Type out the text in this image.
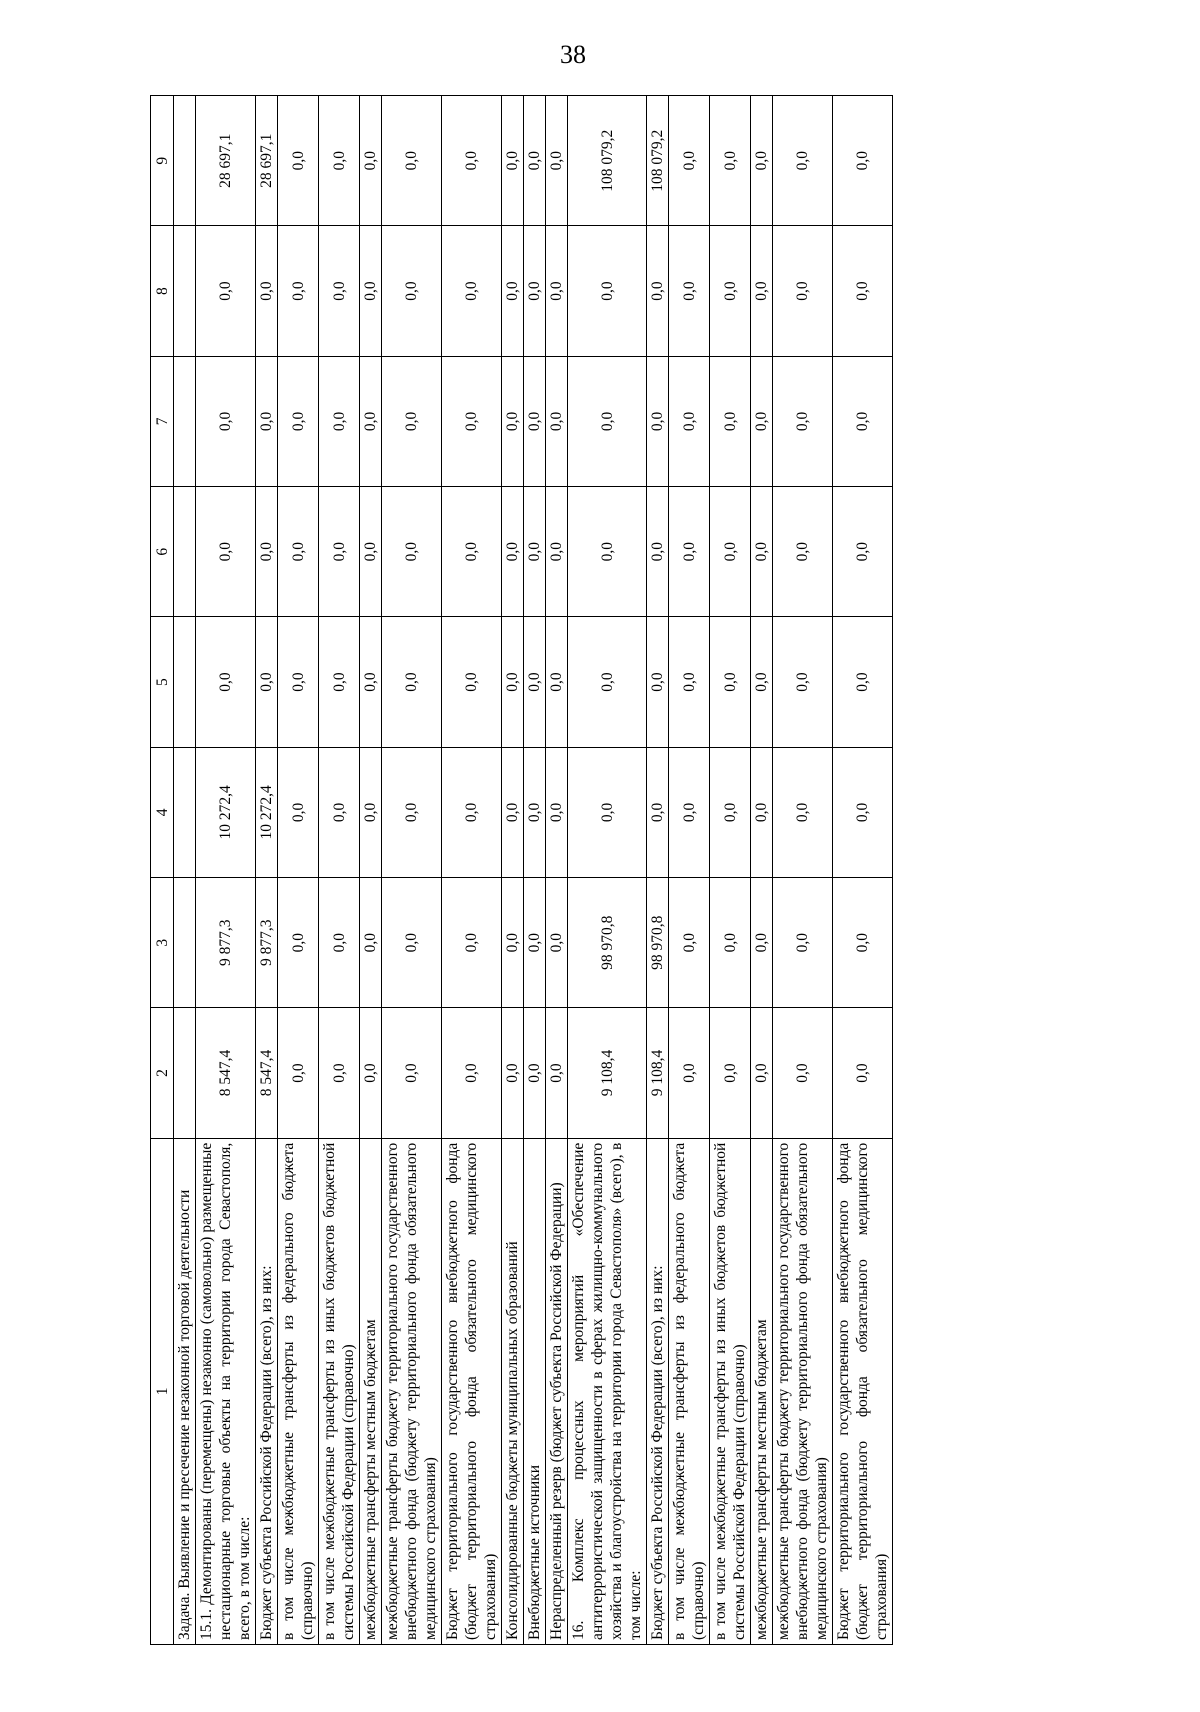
38
1	2	3	4	5	6	7	8	9
Задача. Выявление и пресечение незаконной торговой деятельности								
15.1. Демонтированы (перемещены) незаконно (самовольно) размещенные нестационарные торговые объекты на территории города Севастополя, всего, в том числе:	8 547,4	9 877,3	10 272,4	0,0	0,0	0,0	0,0	28 697,1
Бюджет субъекта Российской Федерации (всего), из них:	8 547,4	9 877,3	10 272,4	0,0	0,0	0,0	0,0	28 697,1
в том числе межбюджетные трансферты из федерального бюджета (справочно)	0,0	0,0	0,0	0,0	0,0	0,0	0,0	0,0
в том числе межбюджетные трансферты из иных бюджетов бюджетной системы Российской Федерации (справочно)	0,0	0,0	0,0	0,0	0,0	0,0	0,0	0,0
межбюджетные трансферты местным бюджетам	0,0	0,0	0,0	0,0	0,0	0,0	0,0	0,0
межбюджетные трансферты бюджету территориального государственного внебюджетного фонда (бюджету территориального фонда обязательного медицинского страхования)	0,0	0,0	0,0	0,0	0,0	0,0	0,0	0,0
Бюджет территориального государственного внебюджетного фонда (бюджет территориального фонда обязательного медицинского страхования)	0,0	0,0	0,0	0,0	0,0	0,0	0,0	0,0
Консолидированные бюджеты муниципальных образований	0,0	0,0	0,0	0,0	0,0	0,0	0,0	0,0
Внебюджетные источники	0,0	0,0	0,0	0,0	0,0	0,0	0,0	0,0
Нераспределенный резерв (бюджет субъекта Российской Федерации)	0,0	0,0	0,0	0,0	0,0	0,0	0,0	0,0
16. Комплекс процессных мероприятий «Обеспечение антитеррористической защищенности в сферах жилищно-коммунального хозяйства и благоустройства на территории города Севастополя» (всего), в том числе:	9 108,4	98 970,8	0,0	0,0	0,0	0,0	0,0	108 079,2
Бюджет субъекта Российской Федерации (всего), из них:	9 108,4	98 970,8	0,0	0,0	0,0	0,0	0,0	108 079,2
в том числе межбюджетные трансферты из федерального бюджета (справочно)	0,0	0,0	0,0	0,0	0,0	0,0	0,0	0,0
в том числе межбюджетные трансферты из иных бюджетов бюджетной системы Российской Федерации (справочно)	0,0	0,0	0,0	0,0	0,0	0,0	0,0	0,0
межбюджетные трансферты местным бюджетам	0,0	0,0	0,0	0,0	0,0	0,0	0,0	0,0
межбюджетные трансферты бюджету территориального государственного внебюджетного фонда (бюджету территориального фонда обязательного медицинского страхования)	0,0	0,0	0,0	0,0	0,0	0,0	0,0	0,0
Бюджет территориального государственного внебюджетного фонда (бюджет территориального фонда обязательного медицинского страхования)	0,0	0,0	0,0	0,0	0,0	0,0	0,0	0,0
